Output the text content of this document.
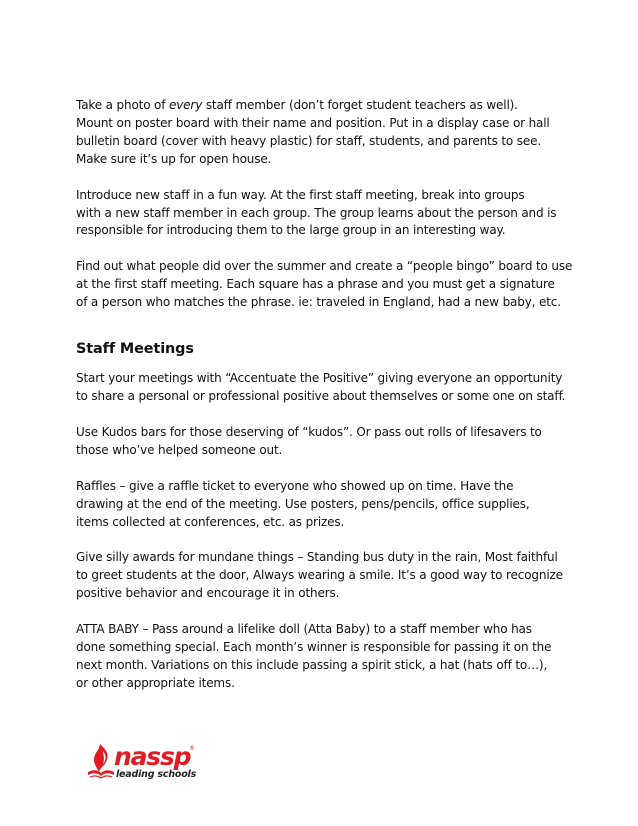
Take a photo of every staff member (don’t forget student teachers as well).
Mount on poster board with their name and position. Put in a display case or hall
bulletin board (cover with heavy plastic) for staff, students, and parents to see.
Make sure it’s up for open house.

Introduce new staff in a fun way. At the first staff meeting, break into groups
with a new staff member in each group. The group learns about the person and is
responsible for introducing them to the large group in an interesting way.

Find out what people did over the summer and create a “people bingo” board to use
at the first staff meeting. Each square has a phrase and you must get a signature
of a person who matches the phrase. ie: traveled in England, had a new baby, etc.

Staff Meetings

Start your meetings with “Accentuate the Positive” giving everyone an opportunity
to share a personal or professional positive about themselves or some one on staff.

Use Kudos bars for those deserving of “kudos”. Or pass out rolls of lifesavers to
those who’ve helped someone out.

Raffles – give a raffle ticket to everyone who showed up on time. Have the
drawing at the end of the meeting. Use posters, pens/pencils, office supplies,
items collected at conferences, etc. as prizes.

Give silly awards for mundane things – Standing bus duty in the rain, Most faithful
to greet students at the door, Always wearing a smile. It’s a good way to recognize
positive behavior and encourage it in others.

ATTA BABY – Pass around a lifelike doll (Atta Baby) to a staff member who has
done something special. Each month’s winner is responsible for passing it on the
next month. Variations on this include passing a spirit stick, a hat (hats off to…),
or other appropriate items.

nassp
®
leading schools
